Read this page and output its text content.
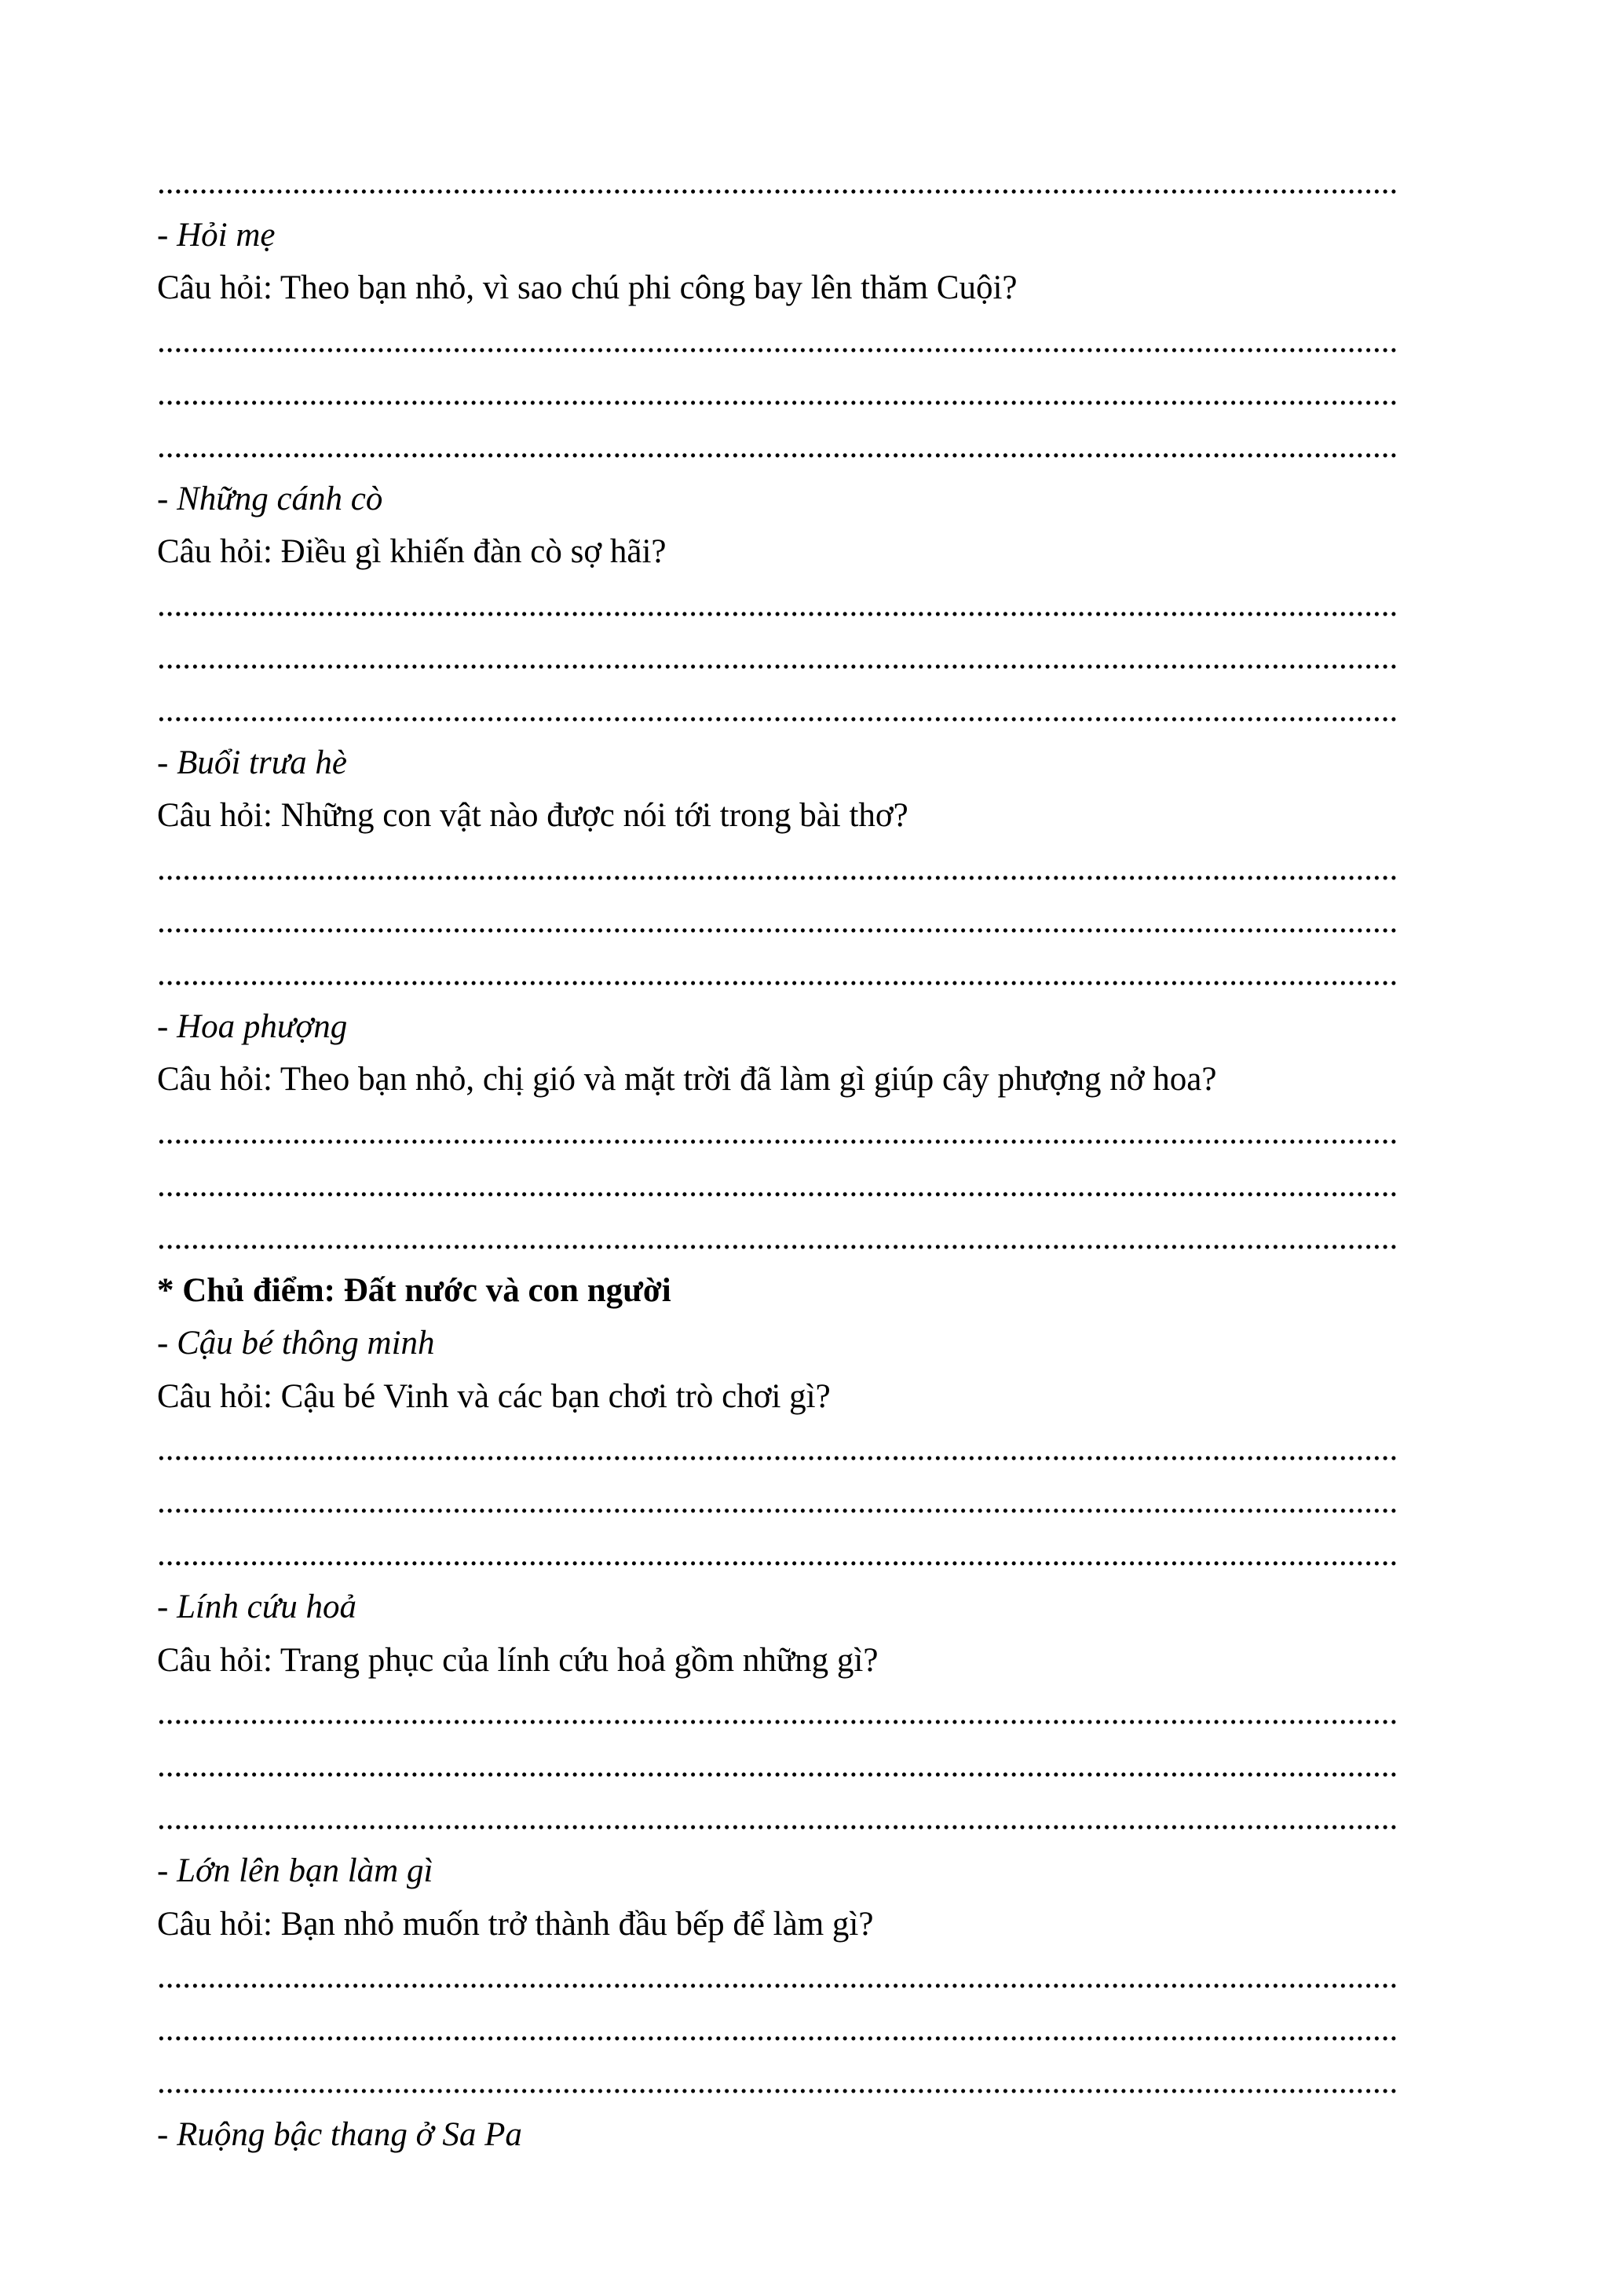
...................................................................................................................................................
- Hỏi mẹ
Câu hỏi: Theo bạn nhỏ, vì sao chú phi công bay lên thăm Cuội?
...................................................................................................................................................
...................................................................................................................................................
...................................................................................................................................................
- Những cánh cò
Câu hỏi: Điều gì khiến đàn cò sợ hãi?
...................................................................................................................................................
...................................................................................................................................................
...................................................................................................................................................
- Buổi trưa hè
Câu hỏi: Những con vật nào được nói tới trong bài thơ?
...................................................................................................................................................
...................................................................................................................................................
...................................................................................................................................................
- Hoa phượng
Câu hỏi: Theo bạn nhỏ, chị gió và mặt trời đã làm gì giúp cây phượng nở hoa?
...................................................................................................................................................
...................................................................................................................................................
...................................................................................................................................................
* Chủ điểm: Đất nước và con người
- Cậu bé thông minh
Câu hỏi: Cậu bé Vinh và các bạn chơi trò chơi gì?
...................................................................................................................................................
...................................................................................................................................................
...................................................................................................................................................
- Lính cứu hoả
Câu hỏi: Trang phục của lính cứu hoả gồm những gì?
...................................................................................................................................................
...................................................................................................................................................
...................................................................................................................................................
- Lớn lên bạn làm gì
Câu hỏi: Bạn nhỏ muốn trở thành đầu bếp để làm gì?
...................................................................................................................................................
...................................................................................................................................................
...................................................................................................................................................
- Ruộng bậc thang ở Sa Pa
